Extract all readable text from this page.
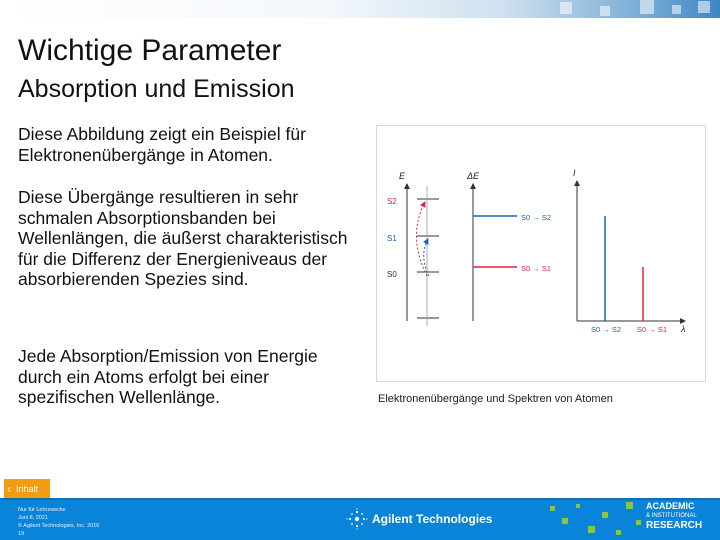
Wichtige Parameter
Absorption und Emission
Diese Abbildung zeigt ein Beispiel für Elektronenübergänge in Atomen.
Diese Übergänge resultieren in sehr schmalen Absorptionsbanden bei Wellenlängen, die äußerst charakteristisch für die Differenz der Energieniveaus der absorbierenden Spezies sind.
Jede Absorption/Emission von Energie durch ein Atoms erfolgt bei einer spezifischen Wellenlänge.
E
S2
S1
S0
ΔE
S0 → S2
S0 → S1
I
λ
S0 → S2 S0 → S1
Elektronenübergänge und Spektren von Atomen
‹ Inhalt
Nur für Lehrzwecke
Juni 8, 2021
© Agilent Technologies, Inc. 2016
19
Agilent Technologies
ACADEMIC
& INSTITUTIONAL
RESEARCH
